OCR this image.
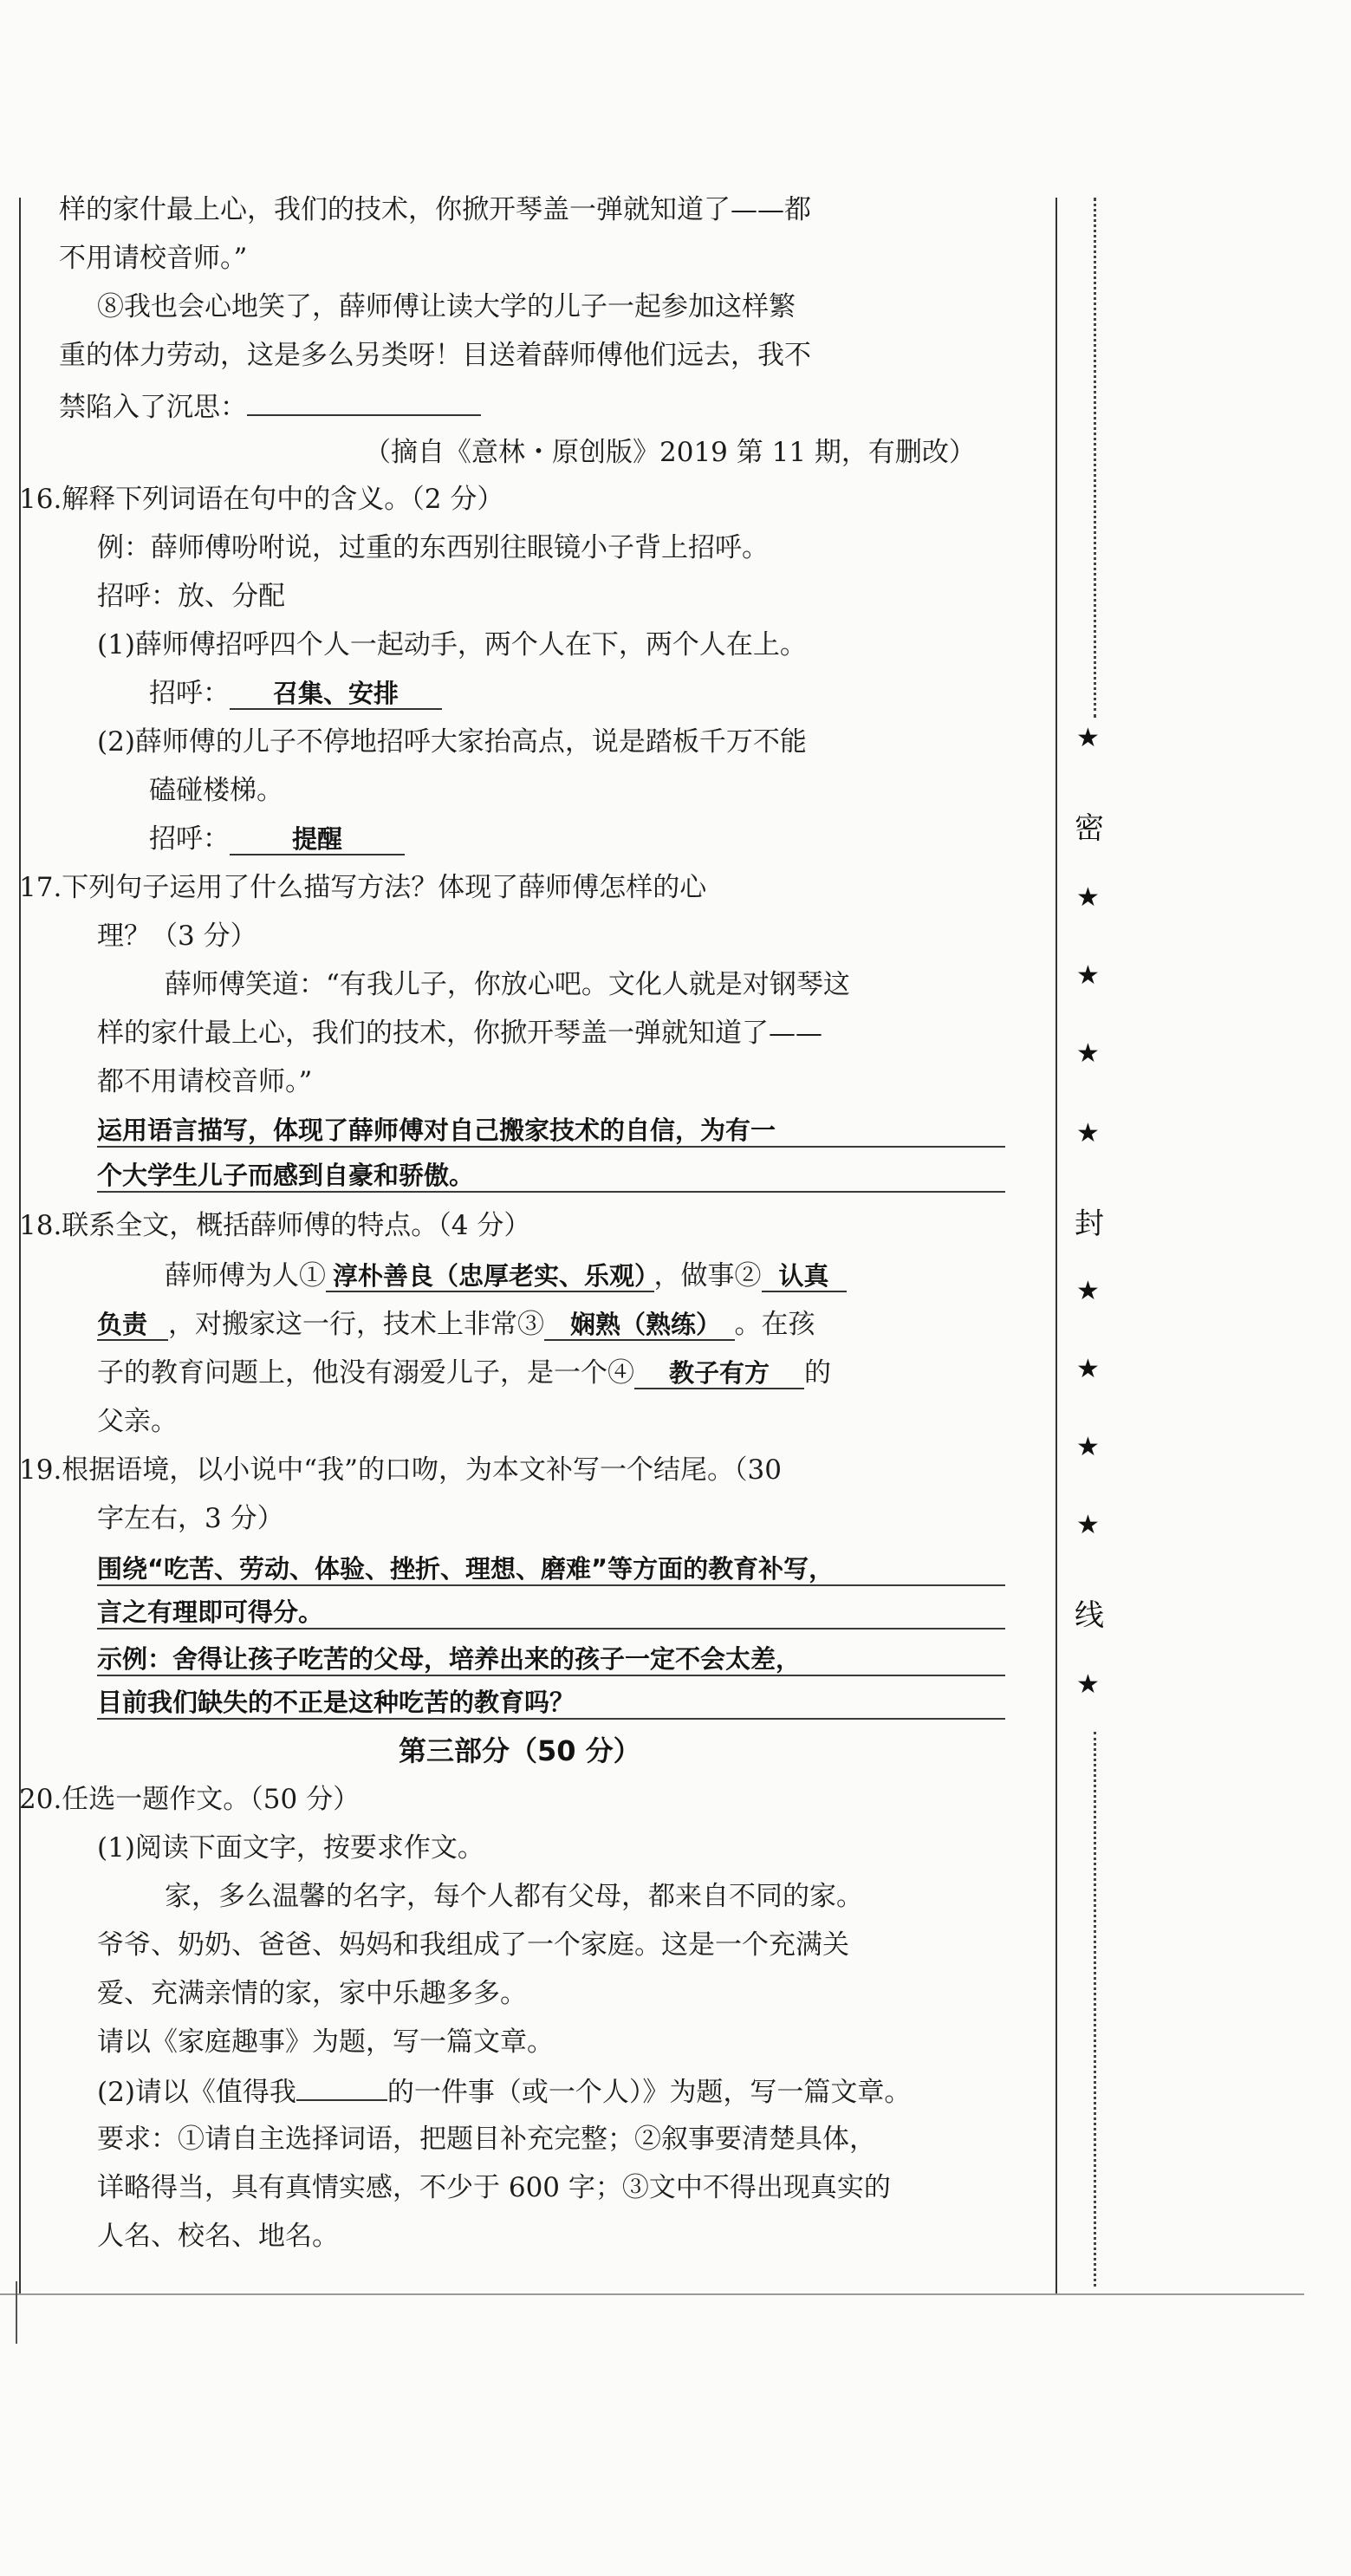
★
密
★
★
★
★
封
★
★
★
★
线
★
样的家什最上心，我们的技术，你掀开琴盖一弹就知道了——都
不用请校音师。”
⑧我也会心地笑了，薛师傅让读大学的儿子一起参加这样繁
重的体力劳动，这是多么另类呀！目送着薛师傅他们远去，我不
禁陷入了沉思：
（摘自《意林・原创版》2019 第 11 期，有删改）
16.解释下列词语在句中的含义。（2 分）
例：薛师傅吩咐说，过重的东西别往眼镜小子背上招呼。
招呼：放、分配
(1)薛师傅招呼四个人一起动手，两个人在下，两个人在上。
招呼： 召集、安排
(2)薛师傅的儿子不停地招呼大家抬高点，说是踏板千万不能
磕碰楼梯。
招呼： 提醒
17.下列句子运用了什么描写方法？体现了薛师傅怎样的心
理？（3 分）
薛师傅笑道：“有我儿子，你放心吧。文化人就是对钢琴这
样的家什最上心，我们的技术，你掀开琴盖一弹就知道了——
都不用请校音师。”
运用语言描写，体现了薛师傅对自己搬家技术的自信，为有一
个大学生儿子而感到自豪和骄傲。
18.联系全文，概括薛师傅的特点。（4 分）
薛师傅为人① 淳朴善良（忠厚老实、乐观） ，做事② 认真
负责 ，对搬家这一行，技术上非常③ 娴熟（熟练） 。在孩
子的教育问题上，他没有溺爱儿子，是一个④ 教子有方 的
父亲。
19.根据语境，以小说中“我”的口吻，为本文补写一个结尾。（30
字左右，3 分）
围绕“吃苦、劳动、体验、挫折、理想、磨难”等方面的教育补写，
言之有理即可得分。
示例：舍得让孩子吃苦的父母，培养出来的孩子一定不会太差，
目前我们缺失的不正是这种吃苦的教育吗？
第三部分（50 分）
20.任选一题作文。（50 分）
(1)阅读下面文字，按要求作文。
家，多么温馨的名字，每个人都有父母，都来自不同的家。
爷爷、奶奶、爸爸、妈妈和我组成了一个家庭。这是一个充满关
爱、充满亲情的家，家中乐趣多多。
请以《家庭趣事》为题，写一篇文章。
(2)请以《值得我	的一件事（或一个人）》为题，写一篇文章。
要求：①请自主选择词语，把题目补充完整；②叙事要清楚具体，
详略得当，具有真情实感，不少于 600 字；③文中不得出现真实的
人名、校名、地名。
